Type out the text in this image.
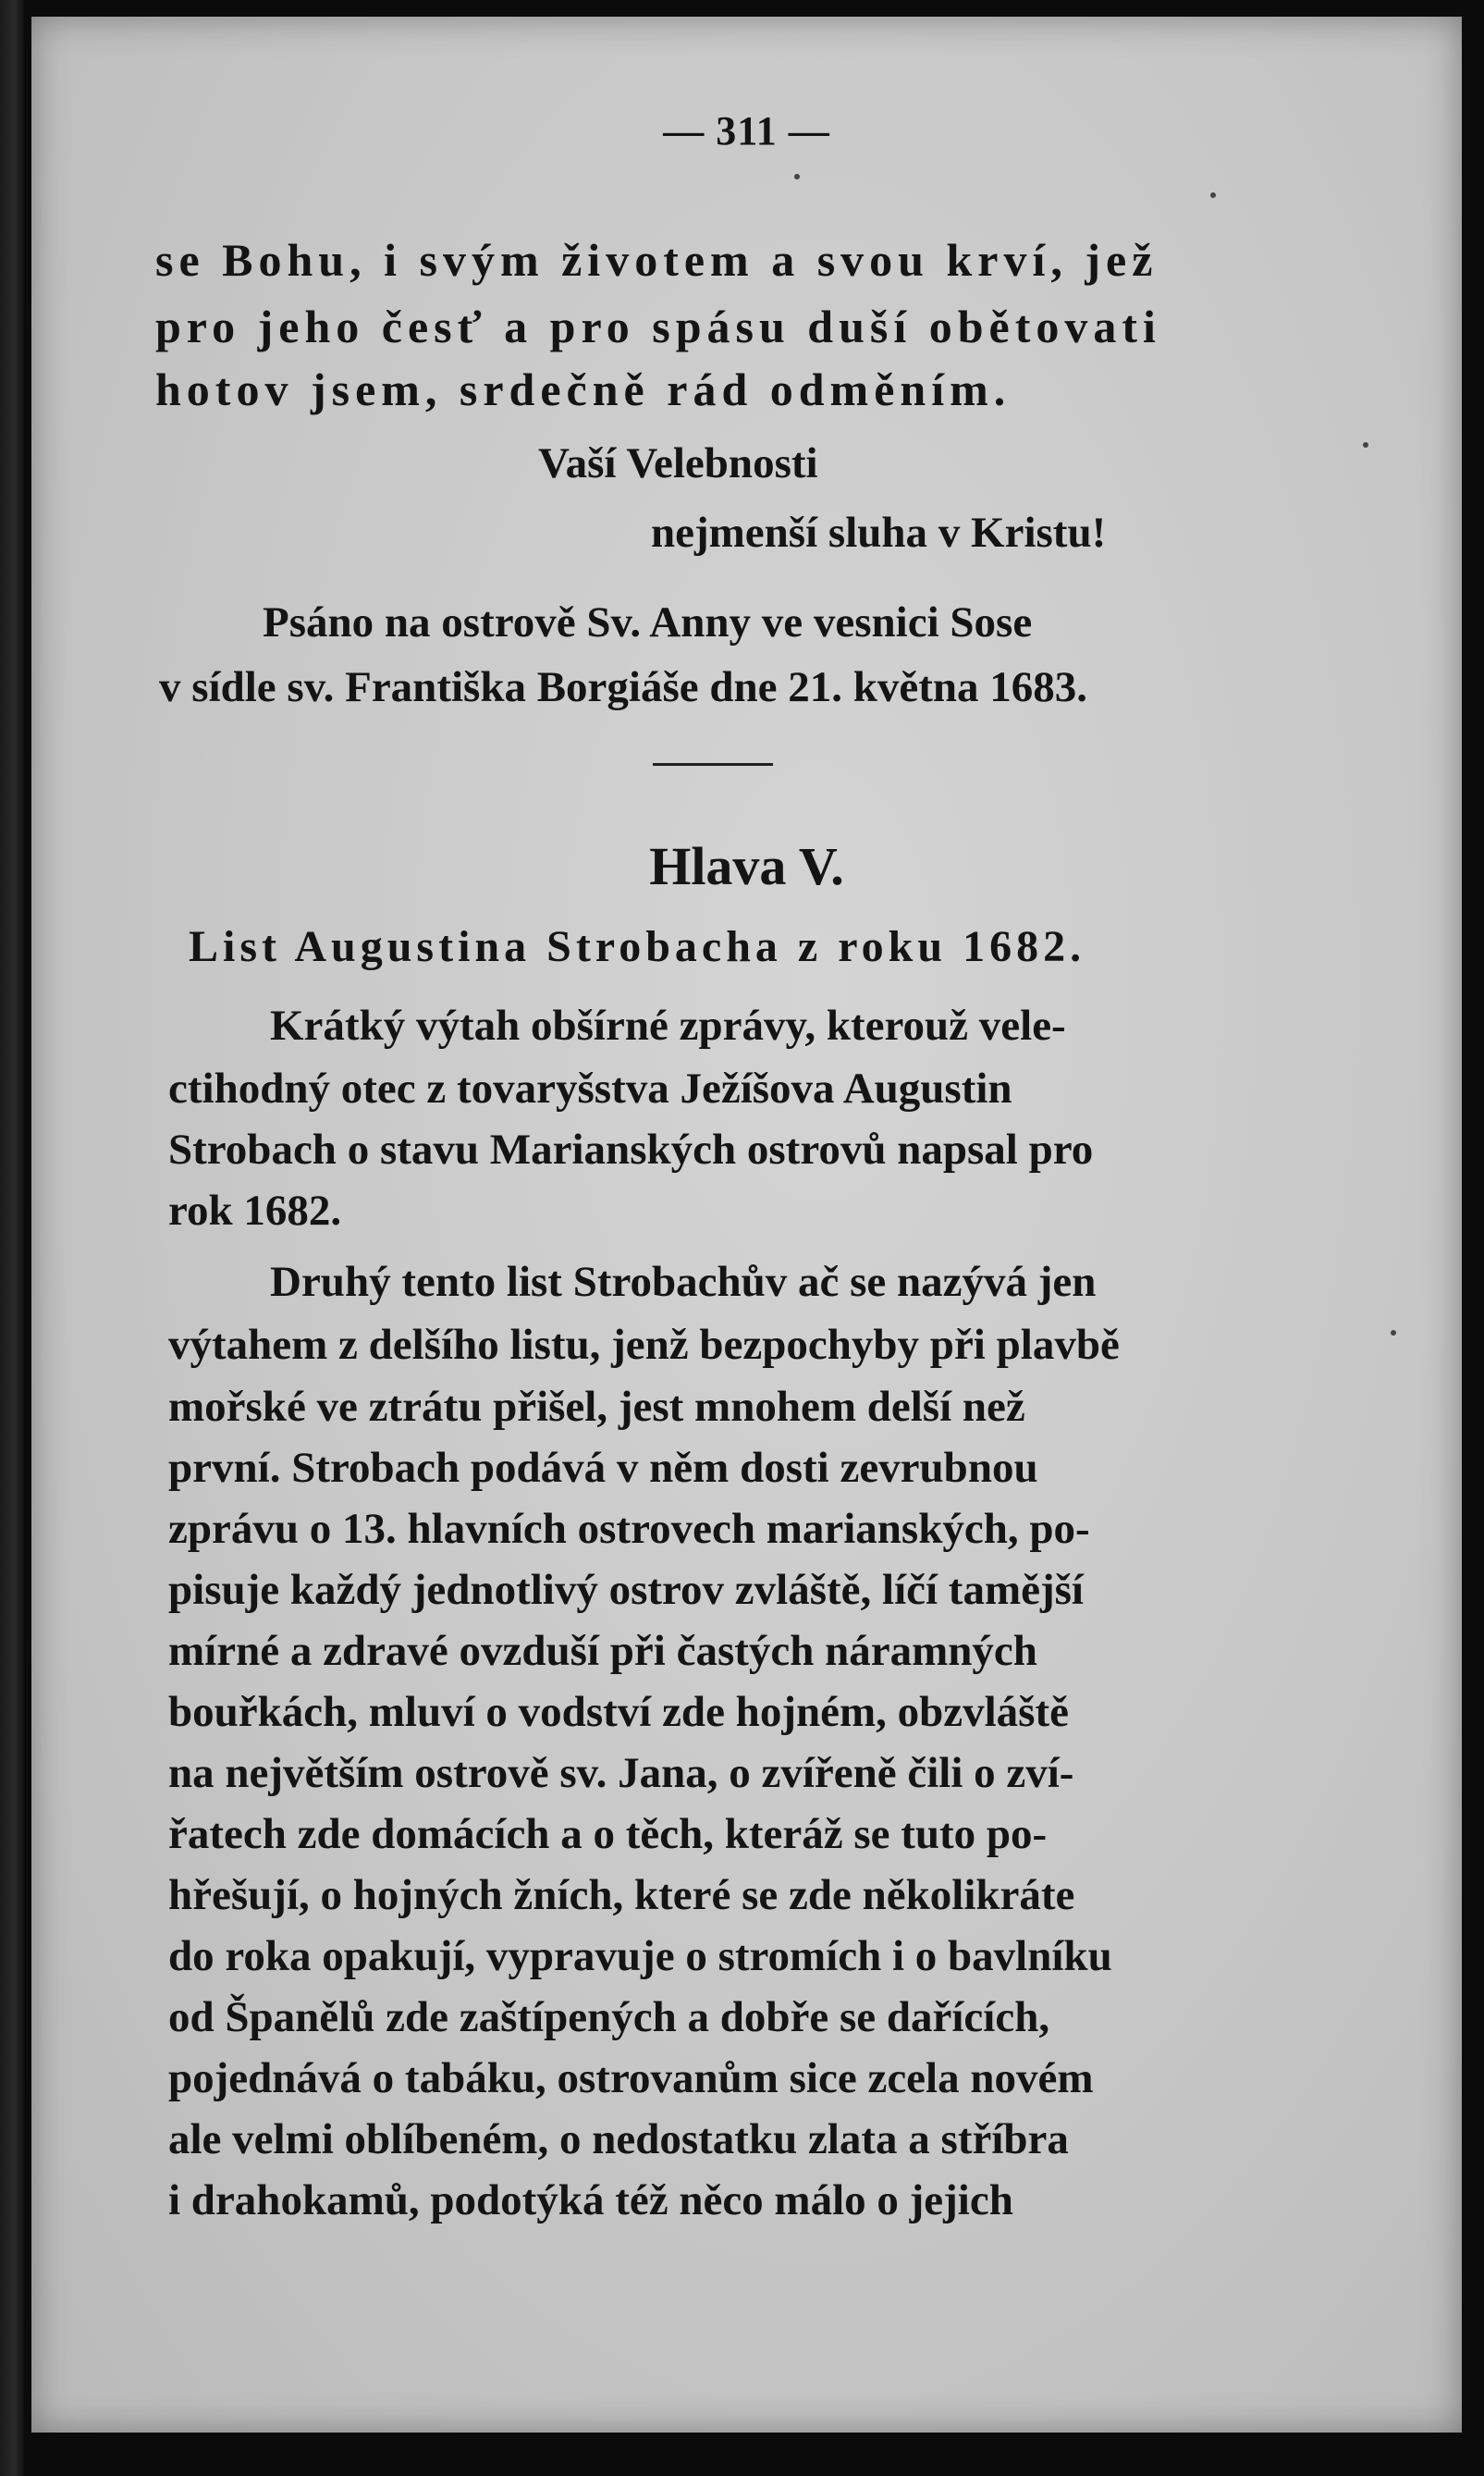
— 311 —
se Bohu, i svým životem a svou krví, jež
pro jeho česť a pro spásu duší obětovati
hotov jsem, srdečně rád odměním.
Vaší Velebnosti
nejmenší sluha v Kristu!
Psáno na ostrově Sv. Anny ve vesnici Sose
v sídle sv. Františka Borgiáše dne 21. května 1683.
Hlava V.
List Augustina Strobacha z roku 1682.
Krátký výtah obšírné zprávy, kterouž vele-
ctihodný otec z tovaryšstva Ježíšova Augustin
Strobach o stavu Marianských ostrovů napsal pro
rok 1682.
Druhý tento list Strobachův ač se nazývá jen
výtahem z delšího listu, jenž bezpochyby při plavbě
mořské ve ztrátu přišel, jest mnohem delší než
první. Strobach podává v něm dosti zevrubnou
zprávu o 13. hlavních ostrovech marianských, po-
pisuje každý jednotlivý ostrov zvláště, líčí tamější
mírné a zdravé ovzduší při častých náramných
bouřkách, mluví o vodství zde hojném, obzvláště
na největším ostrově sv. Jana, o zvířeně čili o zví-
řatech zde domácích a o těch, kteráž se tuto po-
hřešují, o hojných žních, které se zde několikráte
do roka opakují, vypravuje o stromích i o bavlníku
od Španělů zde zaštípených a dobře se dařících,
pojednává o tabáku, ostrovanům sice zcela novém
ale velmi oblíbeném, o nedostatku zlata a stříbra
i drahokamů, podotýká též něco málo o jejich
